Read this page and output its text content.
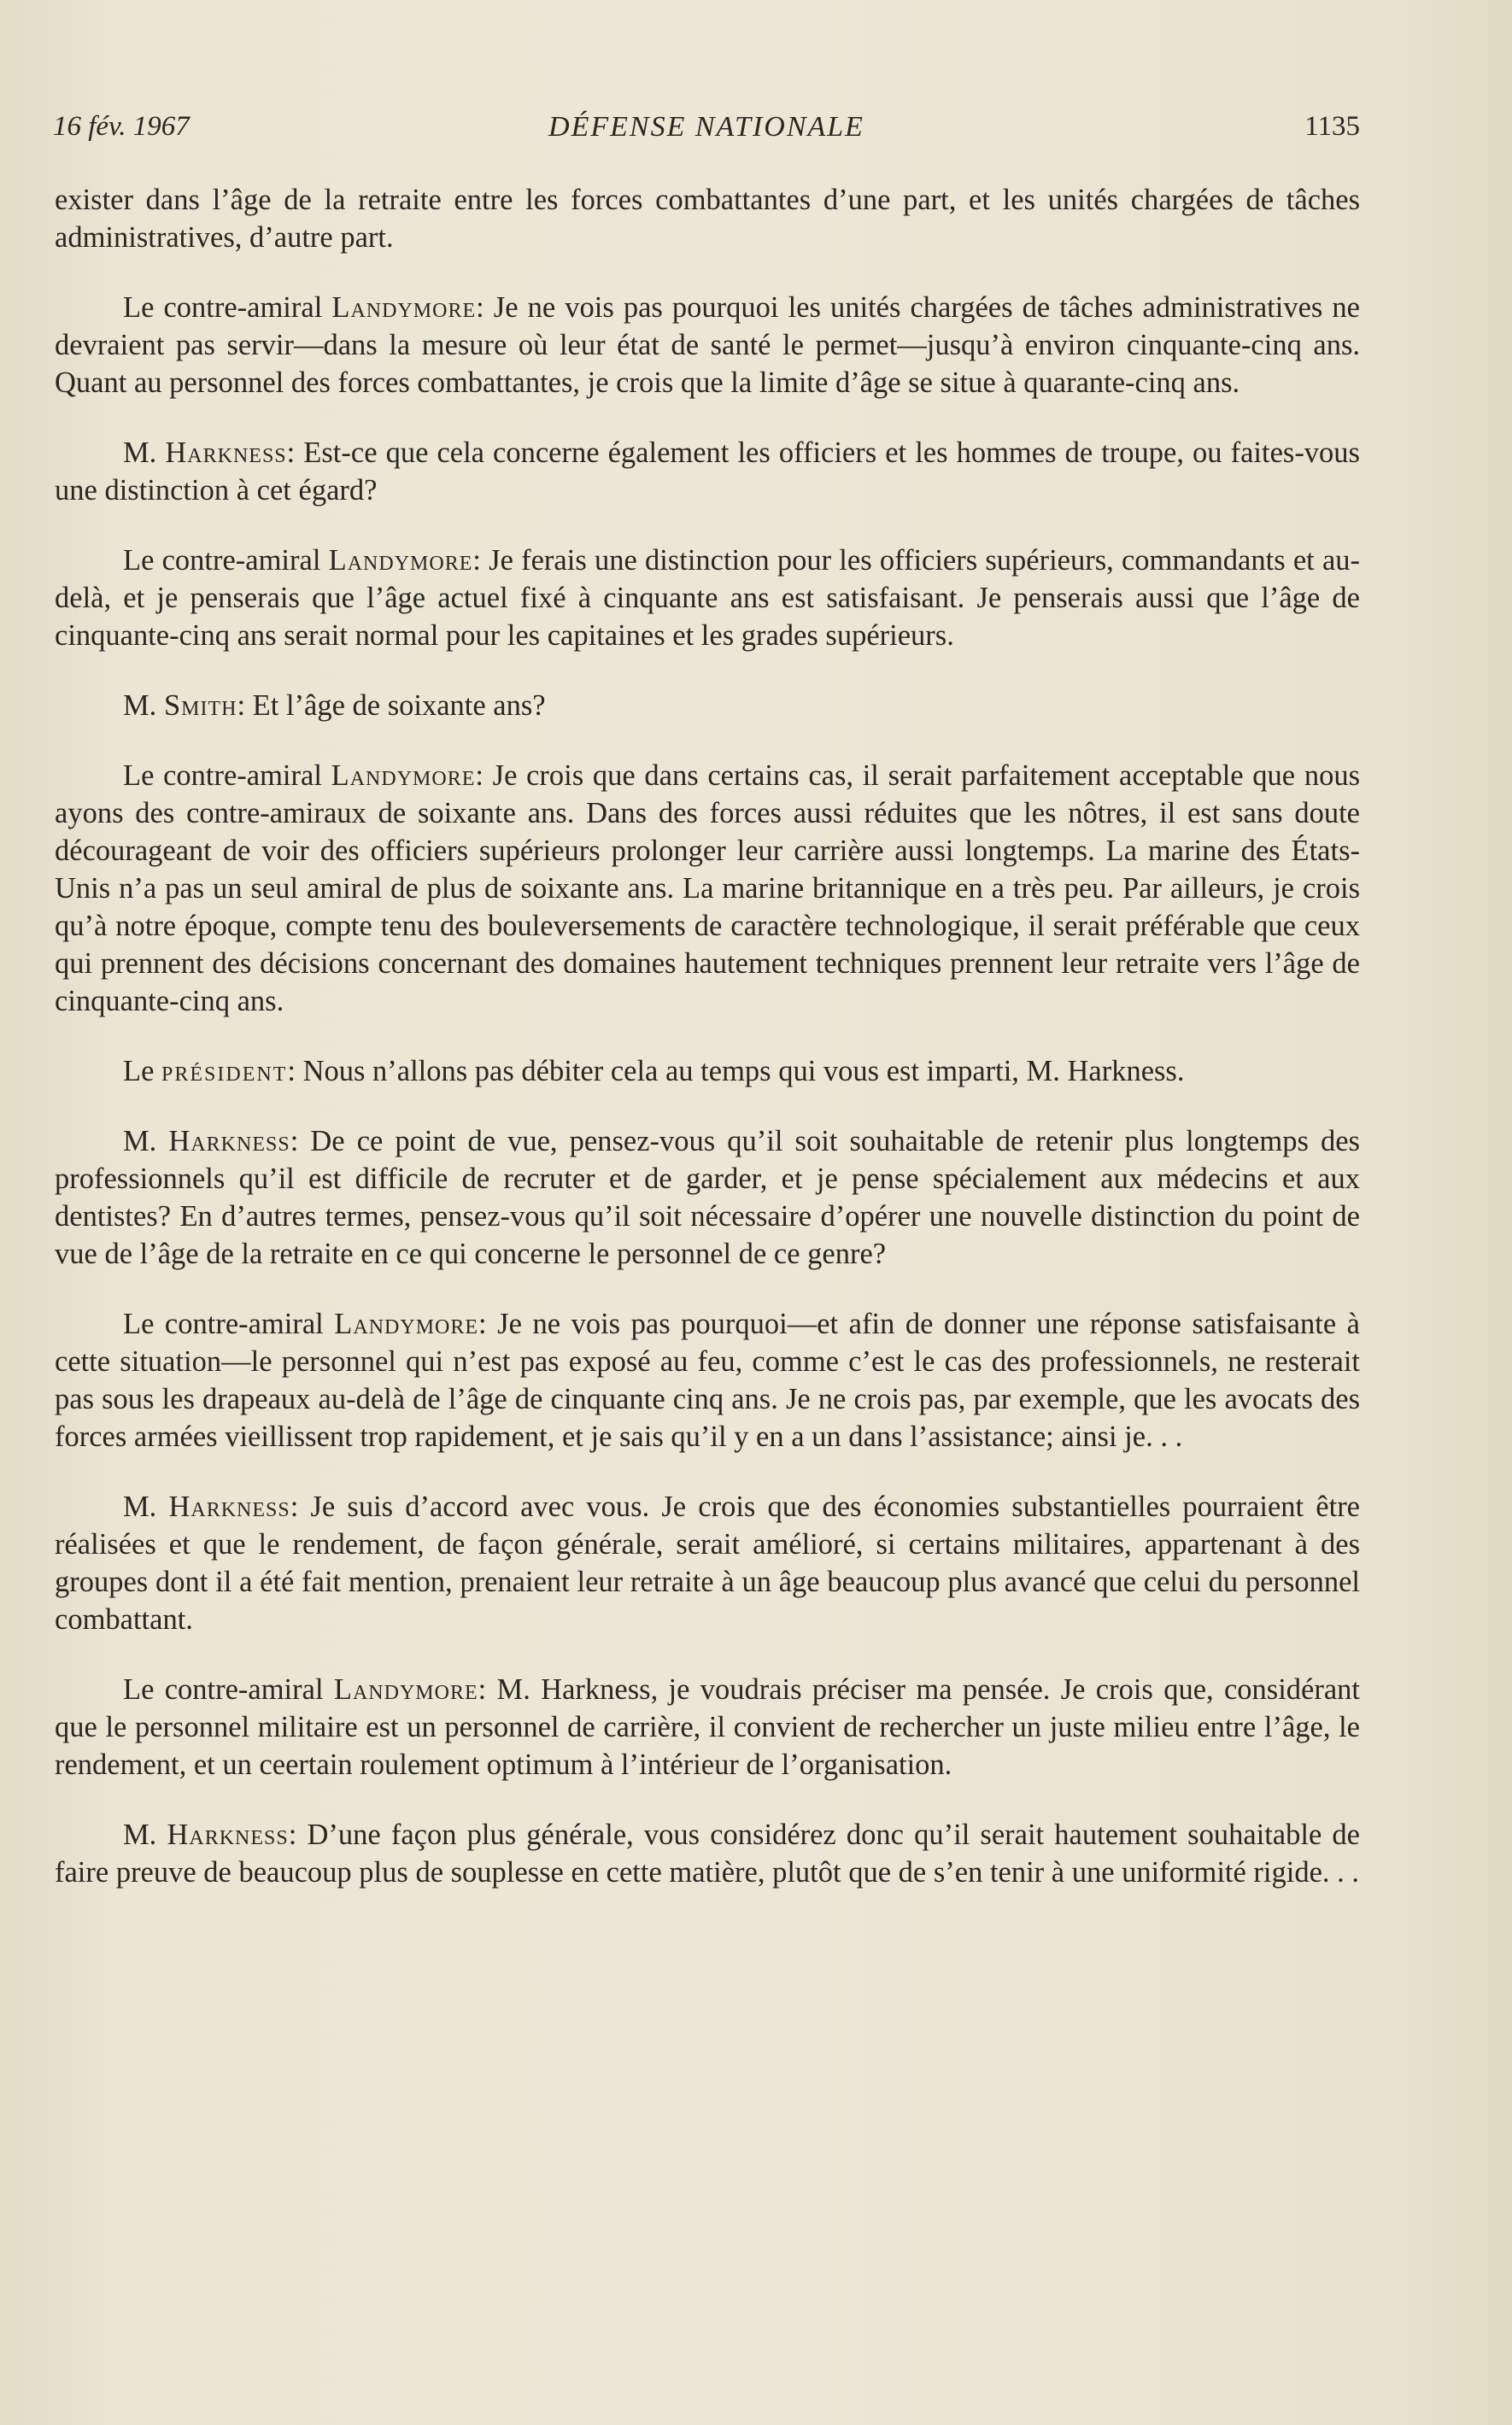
16 fév. 1967	DÉFENSE NATIONALE	1135

exister dans l’âge de la retraite entre les forces combattantes d’une part, et les unités chargées de tâches administratives, d’autre part.

Le contre-amiral Landymore: Je ne vois pas pourquoi les unités chargées de tâches administratives ne devraient pas servir—dans la mesure où leur état de santé le permet—jusqu’à environ cinquante-cinq ans. Quant au personnel des forces combattantes, je crois que la limite d’âge se situe à quarante-cinq ans.

M. Harkness: Est-ce que cela concerne également les officiers et les hommes de troupe, ou faites-vous une distinction à cet égard?

Le contre-amiral Landymore: Je ferais une distinction pour les officiers supérieurs, commandants et au-delà, et je penserais que l’âge actuel fixé à cinquante ans est satisfaisant. Je penserais aussi que l’âge de cinquante-cinq ans serait normal pour les capitaines et les grades supérieurs.

M. Smith: Et l’âge de soixante ans?

Le contre-amiral Landymore: Je crois que dans certains cas, il serait parfaitement acceptable que nous ayons des contre-amiraux de soixante ans. Dans des forces aussi réduites que les nôtres, il est sans doute décourageant de voir des officiers supérieurs prolonger leur carrière aussi longtemps. La marine des États-Unis n’a pas un seul amiral de plus de soixante ans. La marine britannique en a très peu. Par ailleurs, je crois qu’à notre époque, compte tenu des bouleversements de caractère technologique, il serait préférable que ceux qui prennent des décisions concernant des domaines hautement techniques prennent leur retraite vers l’âge de cinquante-cinq ans.

Le président: Nous n’allons pas débiter cela au temps qui vous est imparti, M. Harkness.

M. Harkness: De ce point de vue, pensez-vous qu’il soit souhaitable de retenir plus longtemps des professionnels qu’il est difficile de recruter et de garder, et je pense spécialement aux médecins et aux dentistes? En d’autres termes, pensez-vous qu’il soit nécessaire d’opérer une nouvelle distinction du point de vue de l’âge de la retraite en ce qui concerne le personnel de ce genre?

Le contre-amiral Landymore: Je ne vois pas pourquoi—et afin de donner une réponse satisfaisante à cette situation—le personnel qui n’est pas exposé au feu, comme c’est le cas des professionnels, ne resterait pas sous les drapeaux au-delà de l’âge de cinquante cinq ans. Je ne crois pas, par exemple, que les avocats des forces armées vieillissent trop rapidement, et je sais qu’il y en a un dans l’assistance; ainsi je. . .

M. Harkness: Je suis d’accord avec vous. Je crois que des économies substantielles pourraient être réalisées et que le rendement, de façon générale, serait amélioré, si certains militaires, appartenant à des groupes dont il a été fait mention, prenaient leur retraite à un âge beaucoup plus avancé que celui du personnel combattant.

Le contre-amiral Landymore: M. Harkness, je voudrais préciser ma pensée. Je crois que, considérant que le personnel militaire est un personnel de carrière, il convient de rechercher un juste milieu entre l’âge, le rendement, et un ceertain roulement optimum à l’intérieur de l’organisation.

M. Harkness: D’une façon plus générale, vous considérez donc qu’il serait hautement souhaitable de faire preuve de beaucoup plus de souplesse en cette matière, plutôt que de s’en tenir à une uniformité rigide. . .
